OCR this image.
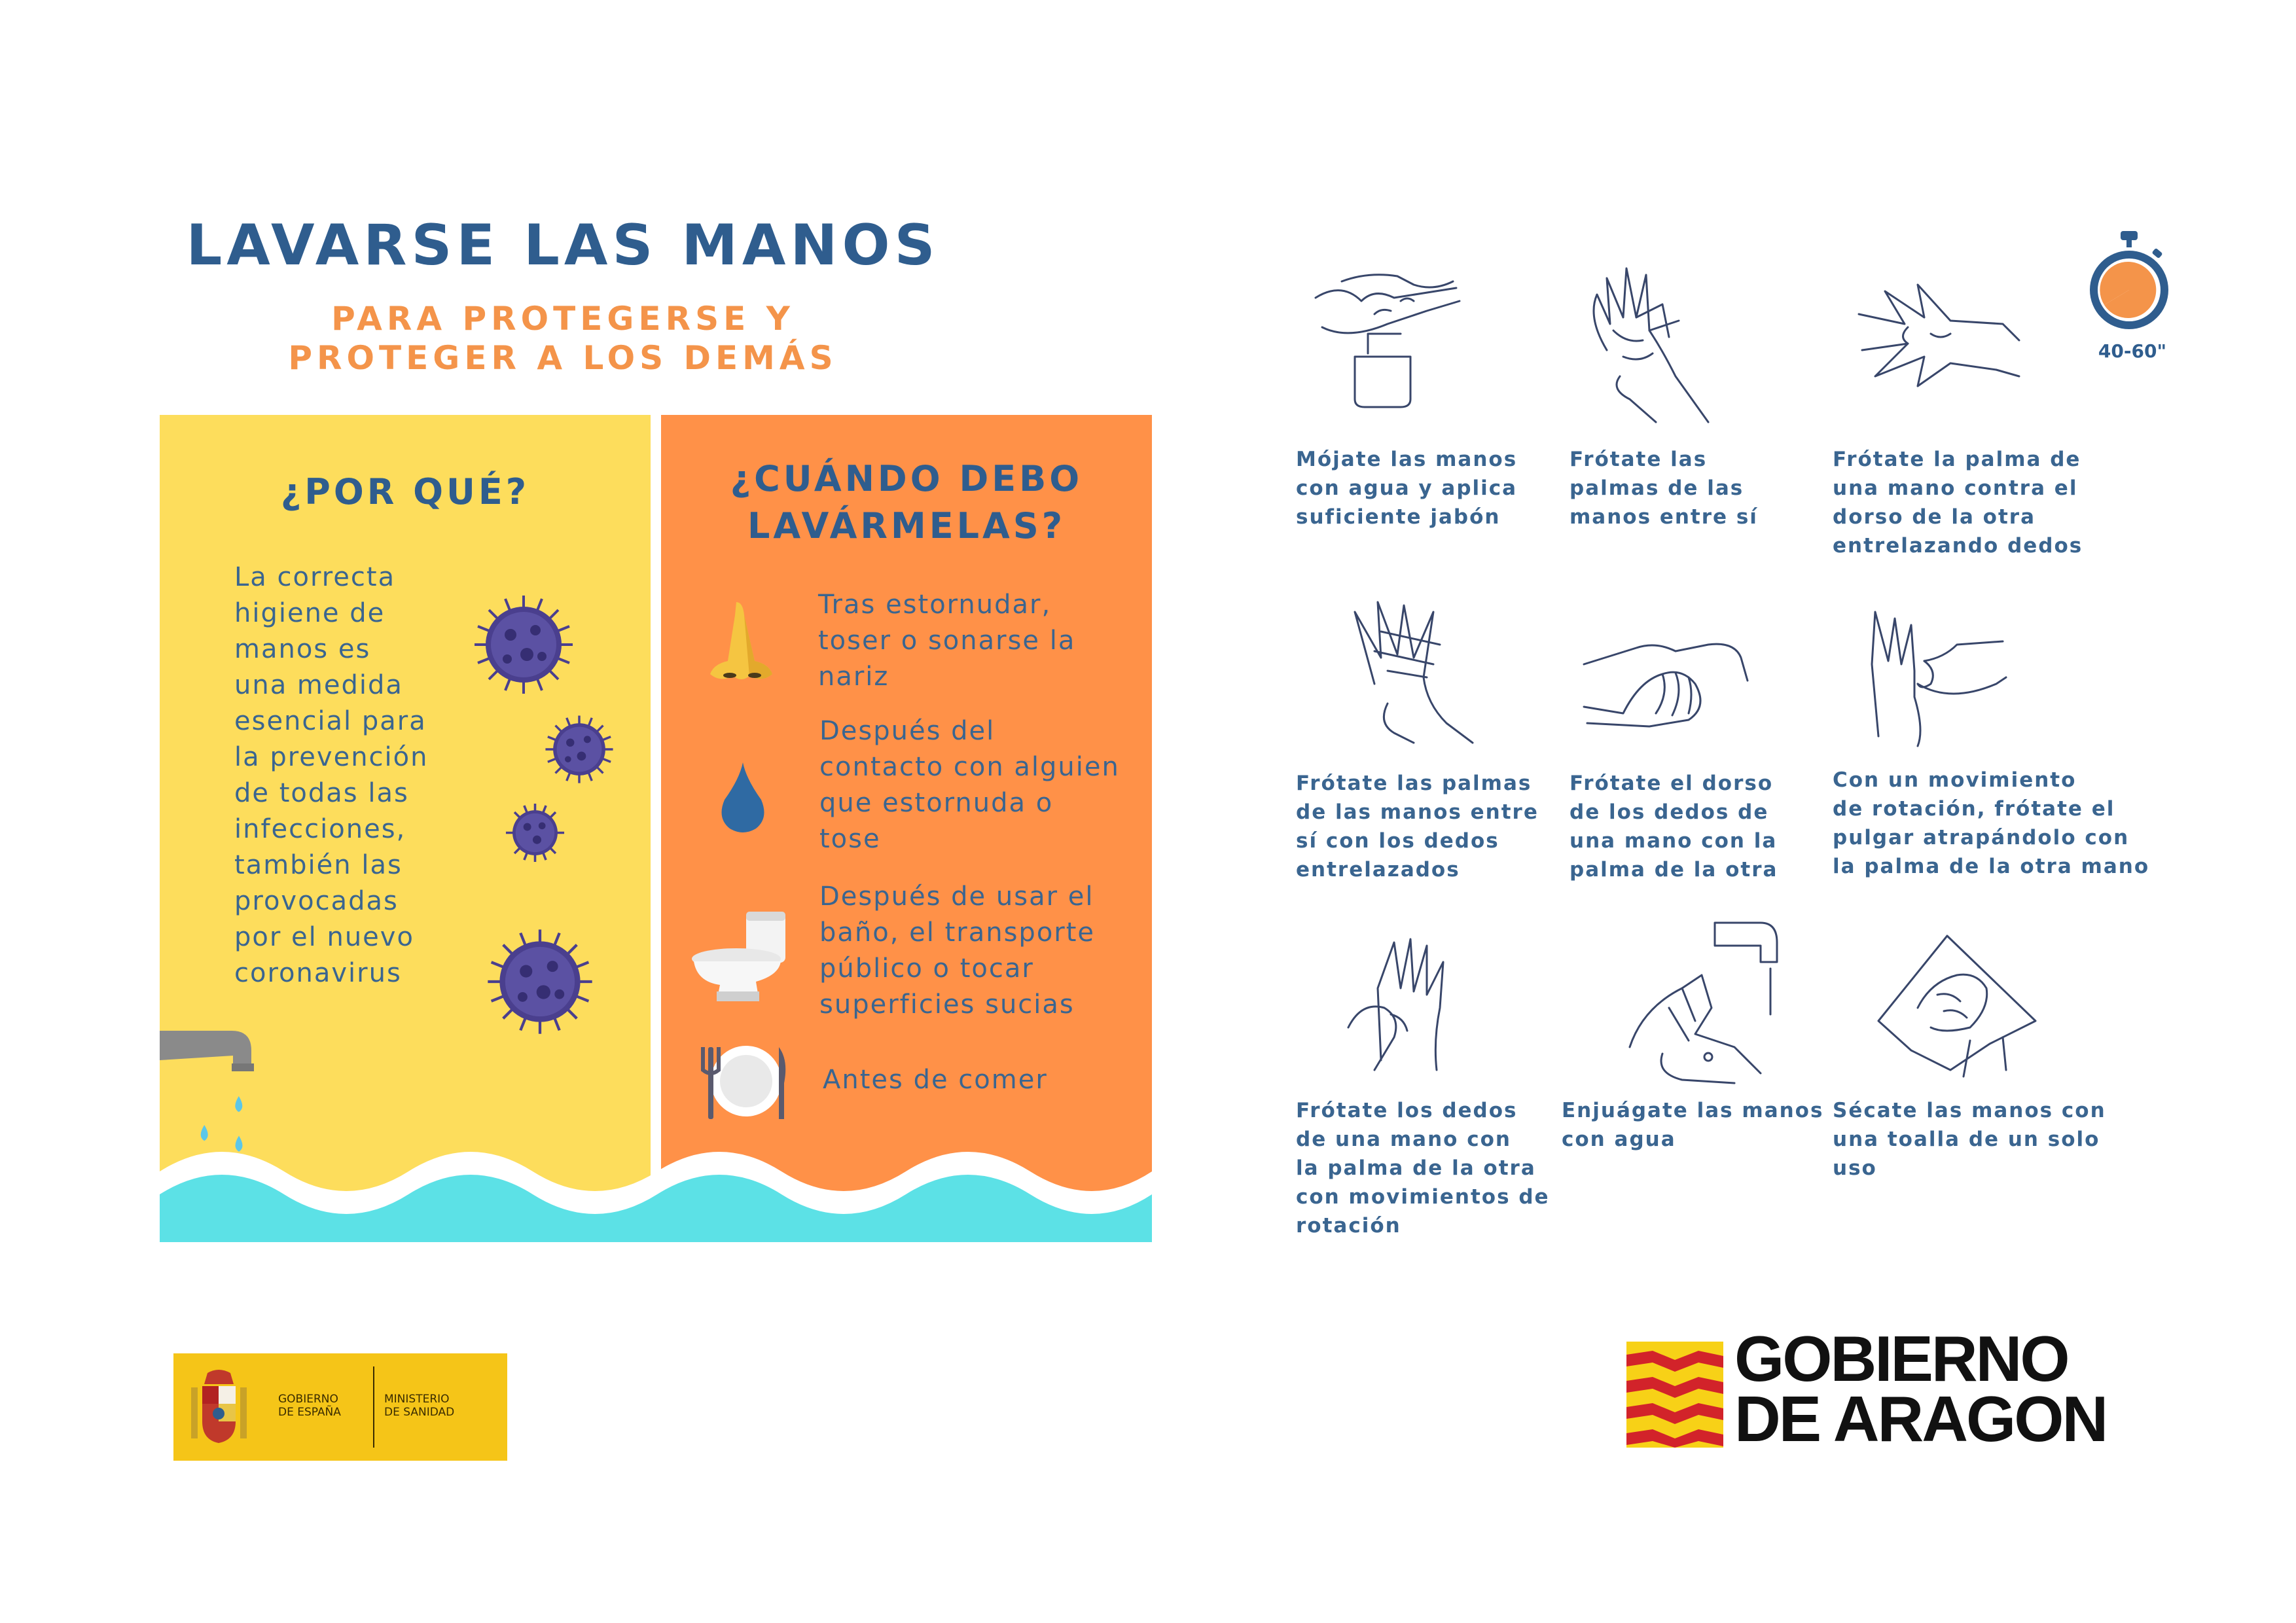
LAVARSE LAS MANOS
PARA PROTEGERSE Y
PROTEGER A LOS DEMÁS
¿POR QUÉ?
La correcta
higiene de
manos es
una medida
esencial para
la prevención
de todas las
infecciones,
también las
provocadas
por el nuevo
coronavirus
¿CUÁNDO DEBO
LAVÁRMELAS?
Tras estornudar,
toser o sonarse la
nariz
Después del
contacto con alguien
que estornuda o
tose
Después de usar el
baño, el transporte
público o tocar
superficies sucias
Antes de comer
40-60"
Mójate las manos
con agua y aplica
suficiente jabón
Frótate las
palmas de las
manos entre sí
Frótate la palma de
una mano contra el
dorso de la otra
entrelazando dedos
Frótate las palmas
de las manos entre
sí con los dedos
entrelazados
Frótate el dorso
de los dedos de
una mano con la
palma de la otra
Con un movimiento
de rotación, frótate el
pulgar atrapándolo con
la palma de la otra mano
Frótate los dedos
de una mano con
la palma de la otra
con movimientos de
rotación
Enjuágate las manos
con agua
Sécate las manos con
una toalla de un solo
uso
GOBIERNO
DE ESPAÑA
MINISTERIO
DE SANIDAD
GOBIERNO
DE ARAGON
